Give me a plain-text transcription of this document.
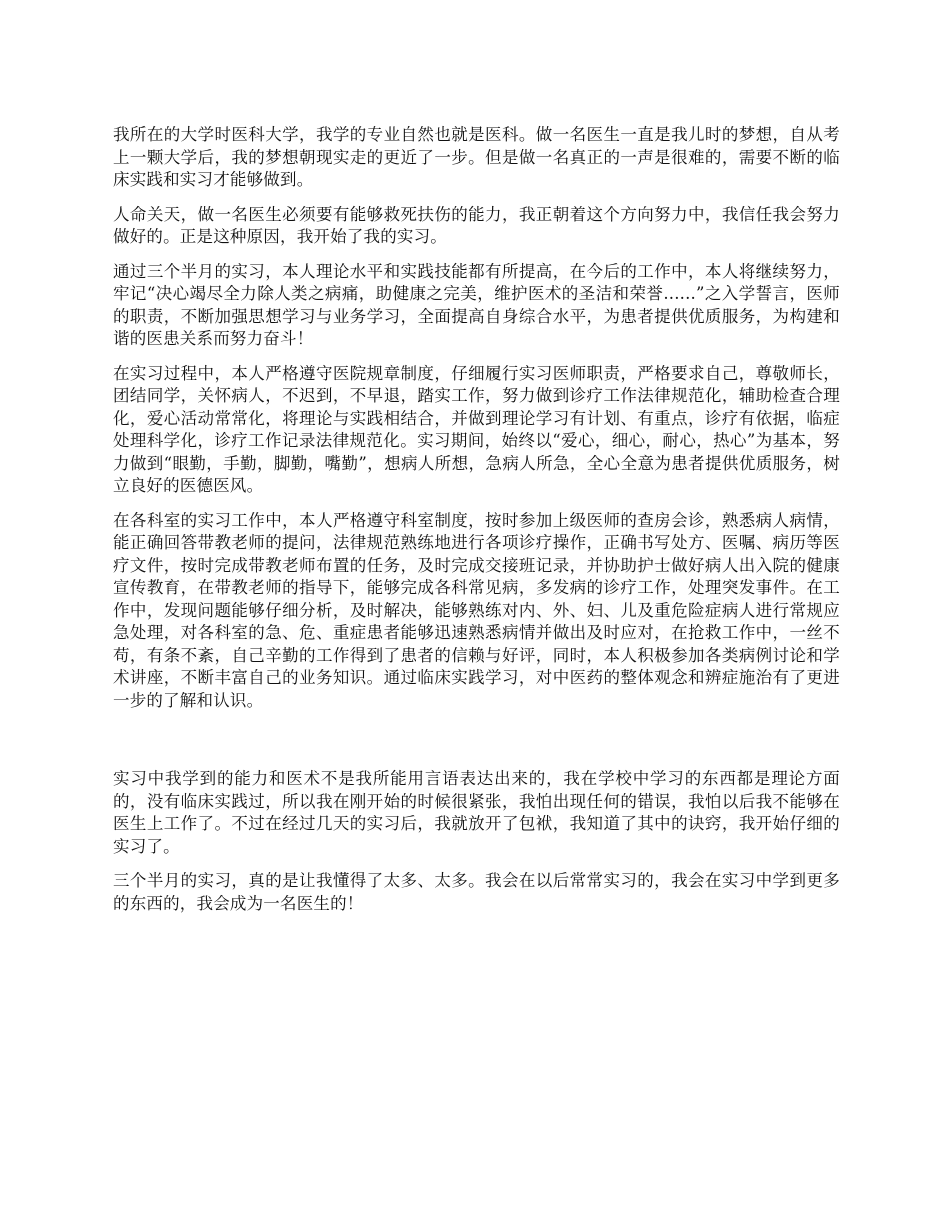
我所在的大学时医科大学，我学的专业自然也就是医科。做一名医生一直是我儿时的梦想，自从考上一颗大学后，我的梦想朝现实走的更近了一步。但是做一名真正的一声是很难的，需要不断的临床实践和实习才能够做到。

人命关天，做一名医生必须要有能够救死扶伤的能力，我正朝着这个方向努力中，我信任我会努力做好的。正是这种原因，我开始了我的实习。

通过三个半月的实习，本人理论水平和实践技能都有所提高，在今后的工作中，本人将继续努力，牢记“决心竭尽全力除人类之病痛，助健康之完美，维护医术的圣洁和荣誉......”之入学誓言，医师的职责，不断加强思想学习与业务学习，全面提高自身综合水平，为患者提供优质服务，为构建和谐的医患关系而努力奋斗！

在实习过程中，本人严格遵守医院规章制度，仔细履行实习医师职责，严格要求自己，尊敬师长，团结同学，关怀病人，不迟到，不早退，踏实工作，努力做到诊疗工作法律规范化，辅助检查合理化，爱心活动常常化，将理论与实践相结合，并做到理论学习有计划、有重点，诊疗有依据，临症处理科学化，诊疗工作记录法律规范化。实习期间，始终以“爱心，细心，耐心，热心”为基本，努力做到“眼勤，手勤，脚勤，嘴勤”，想病人所想，急病人所急，全心全意为患者提供优质服务，树立良好的医德医风。

在各科室的实习工作中，本人严格遵守科室制度，按时参加上级医师的查房会诊，熟悉病人病情，能正确回答带教老师的提问，法律规范熟练地进行各项诊疗操作，正确书写处方、医嘱、病历等医疗文件，按时完成带教老师布置的任务，及时完成交接班记录，并协助护士做好病人出入院的健康宣传教育，在带教老师的指导下，能够完成各科常见病，多发病的诊疗工作，处理突发事件。在工作中，发现问题能够仔细分析，及时解决，能够熟练对内、外、妇、儿及重危险症病人进行常规应急处理，对各科室的急、危、重症患者能够迅速熟悉病情并做出及时应对，在抢救工作中，一丝不苟，有条不紊，自己辛勤的工作得到了患者的信赖与好评，同时，本人积极参加各类病例讨论和学术讲座，不断丰富自己的业务知识。通过临床实践学习，对中医药的整体观念和辨症施治有了更进一步的了解和认识。

实习中我学到的能力和医术不是我所能用言语表达出来的，我在学校中学习的东西都是理论方面的，没有临床实践过，所以我在刚开始的时候很紧张，我怕出现任何的错误，我怕以后我不能够在医生上工作了。不过在经过几天的实习后，我就放开了包袱，我知道了其中的诀窍，我开始仔细的实习了。

三个半月的实习，真的是让我懂得了太多、太多。我会在以后常常实习的，我会在实习中学到更多的东西的，我会成为一名医生的！
